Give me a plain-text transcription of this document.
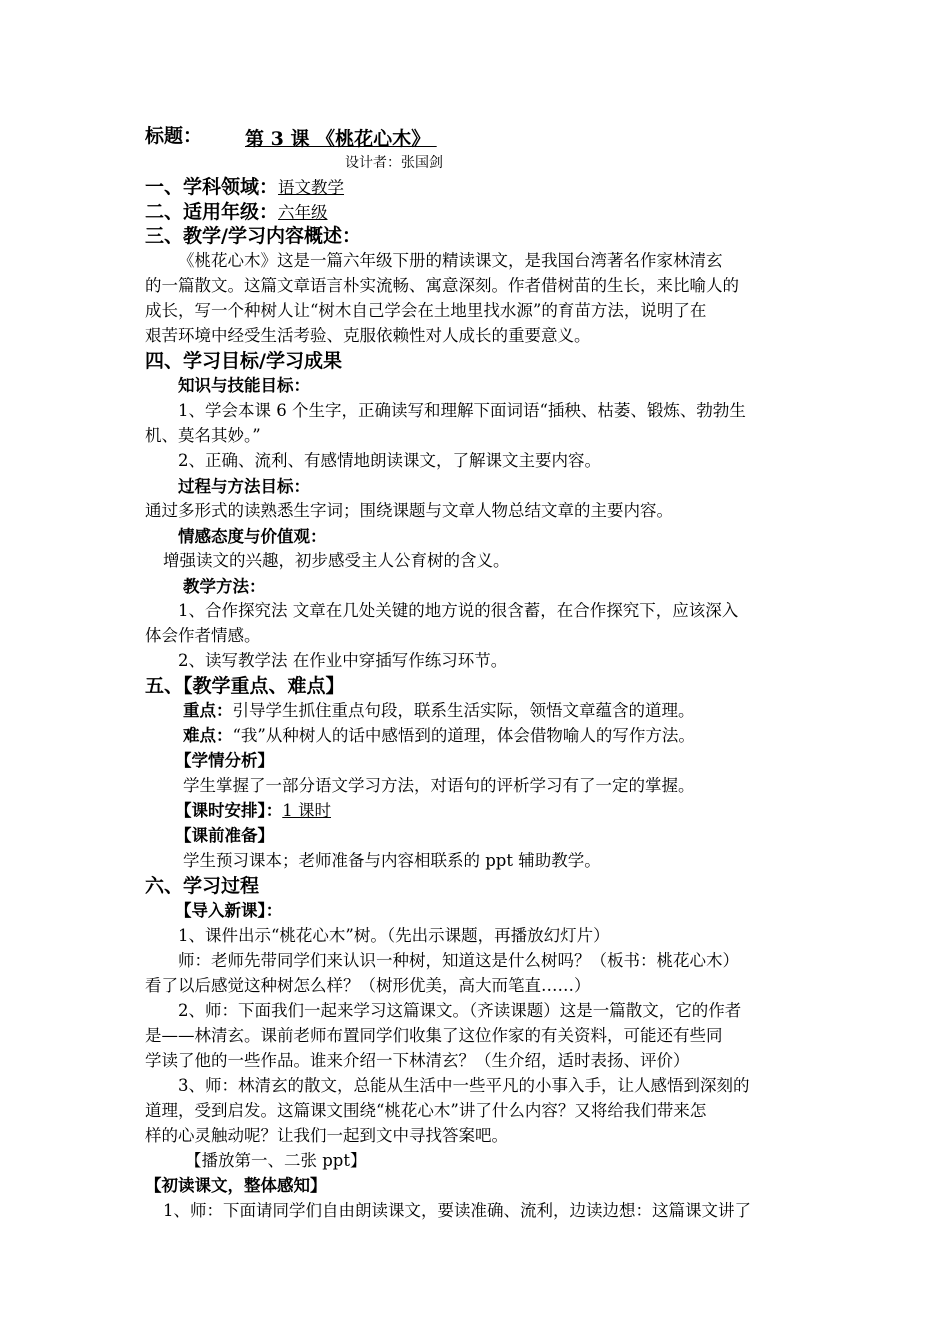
标题： 第 3 课 《桃花心木》
设计者：张国剑
一、学科领域：语文教学
二、适用年级：六年级
三、教学/学习内容概述：
《桃花心木》这是一篇六年级下册的精读课文，是我国台湾著名作家林清玄
的一篇散文。这篇文章语言朴实流畅、寓意深刻。作者借树苗的生长，来比喻人的
成长，写一个种树人让“树木自己学会在土地里找水源”的育苗方法，说明了在
艰苦环境中经受生活考验、克服依赖性对人成长的重要意义。
四、学习目标/学习成果
知识与技能目标：
1、学会本课 6 个生字，正确读写和理解下面词语“插秧、枯萎、锻炼、勃勃生
机、莫名其妙。”
2、正确、流利、有感情地朗读课文，了解课文主要内容。
过程与方法目标：
通过多形式的读熟悉生字词；围绕课题与文章人物总结文章的主要内容。
情感态度与价值观：
增强读文的兴趣，初步感受主人公育树的含义。
教学方法：
1、合作探究法 文章在几处关键的地方说的很含蓄，在合作探究下，应该深入
体会作者情感。
2、读写教学法 在作业中穿插写作练习环节。
五、【教学重点、难点】
重点：引导学生抓住重点句段，联系生活实际，领悟文章蕴含的道理。
难点：“我”从种树人的话中感悟到的道理，体会借物喻人的写作方法。
【学情分析】
学生掌握了一部分语文学习方法，对语句的评析学习有了一定的掌握。
【课时安排】：1 课时
【课前准备】
学生预习课本；老师准备与内容相联系的 ppt 辅助教学。
六、学习过程
【导入新课】：
1、课件出示“桃花心木”树。（先出示课题，再播放幻灯片）
师：老师先带同学们来认识一种树，知道这是什么树吗？（板书：桃花心木）
看了以后感觉这种树怎么样？（树形优美，高大而笔直……）
2、师：下面我们一起来学习这篇课文。（齐读课题）这是一篇散文，它的作者
是——林清玄。课前老师布置同学们收集了这位作家的有关资料，可能还有些同
学读了他的一些作品。谁来介绍一下林清玄？（生介绍，适时表扬、评价）
3、师：林清玄的散文，总能从生活中一些平凡的小事入手，让人感悟到深刻的
道理，受到启发。这篇课文围绕“桃花心木”讲了什么内容？又将给我们带来怎
样的心灵触动呢？让我们一起到文中寻找答案吧。
【播放第一、二张 ppt】
【初读课文，整体感知】
1、师：下面请同学们自由朗读课文，要读准确、流利，边读边想：这篇课文讲了
